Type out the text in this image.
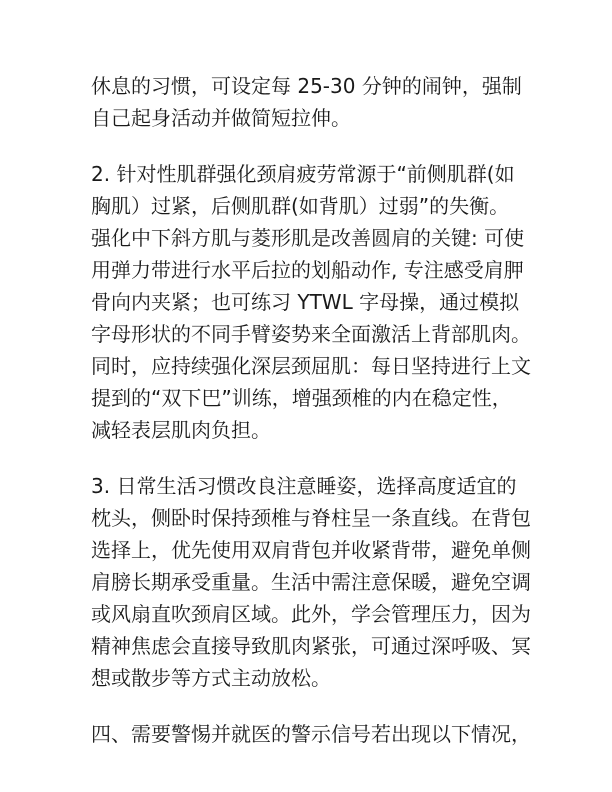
休息的习惯，可设定每 25-30 分钟的闹钟，强制
自己起身活动并做简短拉伸。
2. 针对性肌群强化颈肩疲劳常源于“前侧肌群(如
胸肌）过紧，后侧肌群(如背肌）过弱”的失衡。
强化中下斜方肌与菱形肌是改善圆肩的关键: 可使
用弹力带进行水平后拉的划船动作, 专注感受肩胛
骨向内夹紧；也可练习 YTWL 字母操，通过模拟
字母形状的不同手臂姿势来全面激活上背部肌肉。
同时，应持续强化深层颈屈肌：每日坚持进行上文
提到的“双下巴”训练，增强颈椎的内在稳定性，
减轻表层肌肉负担。
3. 日常生活习惯改良注意睡姿，选择高度适宜的
枕头，侧卧时保持颈椎与脊柱呈一条直线。在背包
选择上，优先使用双肩背包并收紧背带，避免单侧
肩膀长期承受重量。生活中需注意保暖，避免空调
或风扇直吹颈肩区域。此外，学会管理压力，因为
精神焦虑会直接导致肌肉紧张，可通过深呼吸、冥
想或散步等方式主动放松。
四、需要警惕并就医的警示信号若出现以下情况，
